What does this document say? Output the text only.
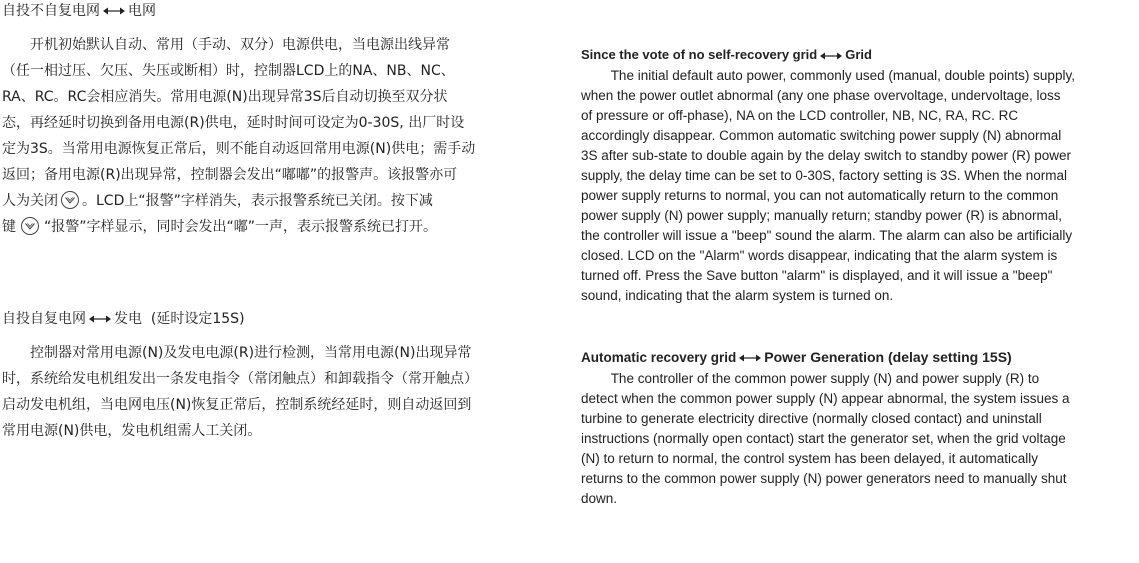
自投不自复电网 电网

开机初始默认自动、常用（手动、双分）电源供电，当电源出线异常

（任一相过压、欠压、失压或断相）时，控制器LCD上的NA、NB、NC、

RA、RC。RC会相应消失。常用电源(N)出现异常3S后自动切换至双分状

态，再经延时切换到备用电源(R)供电，延时时间可设定为0-30S, 出厂时设

定为3S。当常用电源恢复正常后，则不能自动返回常用电源(N)供电；需手动

返回；备用电源(R)出现异常，控制器会发出“嘟嘟”的报警声。该报警亦可

人为关闭 。LCD上“报警”字样消失，表示报警系统已关闭。按下减

键 “报警”字样显示，同时会发出“嘟”一声，表示报警系统已打开。

自投自复电网 发电 (延时设定15S)

控制器对常用电源(N)及发电电源(R)进行检测，当常用电源(N)出现异常

时，系统给发电机组发出一条发电指令（常闭触点）和卸载指令（常开触点）

启动发电机组，当电网电压(N)恢复正常后，控制系统经延时，则自动返回到

常用电源(N)供电，发电机组需人工关闭。

Since the vote of no self-recovery grid Grid
The initial default auto power, commonly used (manual, double points) supply,
when the power outlet abnormal (any one phase overvoltage, undervoltage, loss
of pressure or off-phase), NA on the LCD controller, NB, NC, RA, RC. RC
accordingly disappear. Common automatic switching power supply (N) abnormal
3S after sub-state to double again by the delay switch to standby power (R) power
supply, the delay time can be set to 0-30S, factory setting is 3S. When the normal
power supply returns to normal, you can not automatically return to the common
power supply (N) power supply; manually return; standby power (R) is abnormal,
the controller will issue a "beep" sound the alarm. The alarm can also be artificially
closed. LCD on the "Alarm" words disappear, indicating that the alarm system is
turned off. Press the Save button "alarm" is displayed, and it will issue a "beep"
sound, indicating that the alarm system is turned on.
Automatic recovery grid Power Generation (delay setting 15S)
The controller of the common power supply (N) and power supply (R) to
detect when the common power supply (N) appear abnormal, the system issues a
turbine to generate electricity directive (normally closed contact) and uninstall
instructions (normally open contact) start the generator set, when the grid voltage
(N) to return to normal, the control system has been delayed, it automatically
returns to the common power supply (N) power generators need to manually shut
down.
